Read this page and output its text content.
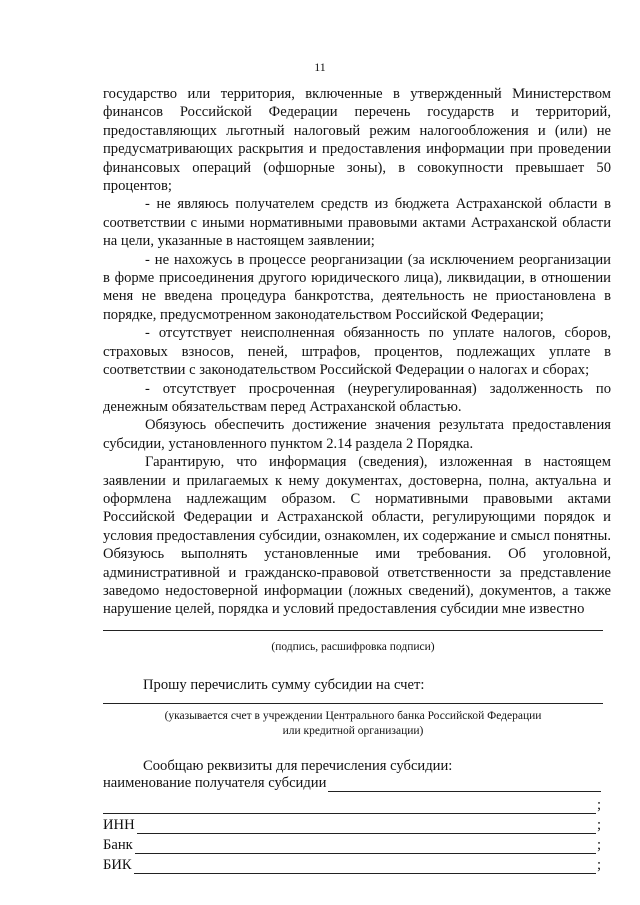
11

государство или территория, включенные в утвержденный Министерством финансов Российской Федерации перечень государств и территорий, предоставляющих льготный налоговый режим налогообложения и (или) не предусматривающих раскрытия и предоставления информации при проведении финансовых операций (офшорные зоны), в совокупности превышает 50 процентов;

- не являюсь получателем средств из бюджета Астраханской области в соответствии с иными нормативными правовыми актами Астраханской области на цели, указанные в настоящем заявлении;

- не нахожусь в процессе реорганизации (за исключением реорганизации в форме присоединения другого юридического лица), ликвидации, в отношении меня не введена процедура банкротства, деятельность не приостановлена в порядке, предусмотренном законодательством Российской Федерации;

- отсутствует неисполненная обязанность по уплате налогов, сборов, страховых взносов, пеней, штрафов, процентов, подлежащих уплате в соответствии с законодательством Российской Федерации о налогах и сборах;

- отсутствует просроченная (неурегулированная) задолженность по денежным обязательствам перед Астраханской областью.

Обязуюсь обеспечить достижение значения результата предоставления субсидии, установленного пунктом 2.14 раздела 2 Порядка.

Гарантирую, что информация (сведения), изложенная в настоящем заявлении и прилагаемых к нему документах, достоверна, полна, актуальна и оформлена надлежащим образом. С нормативными правовыми актами Российской Федерации и Астраханской области, регулирующими порядок и условия предоставления субсидии, ознакомлен, их содержание и смысл понятны. Обязуюсь выполнять установленные ими требования. Об уголовной, административной и гражданско-правовой ответственности за представление заведомо недостоверной информации (ложных сведений), документов, а также нарушение целей, порядка и условий предоставления субсидии мне известно

(подпись, расшифровка подписи)
Прошу перечислить сумму субсидии на счет:
(указывается счет в учреждении Центрального банка Российской Федерации
или кредитной организации)
Сообщаю реквизиты для перечисления субсидии:
наименование получателя субсидии
;
ИНН	;
Банк	;
БИК	;
